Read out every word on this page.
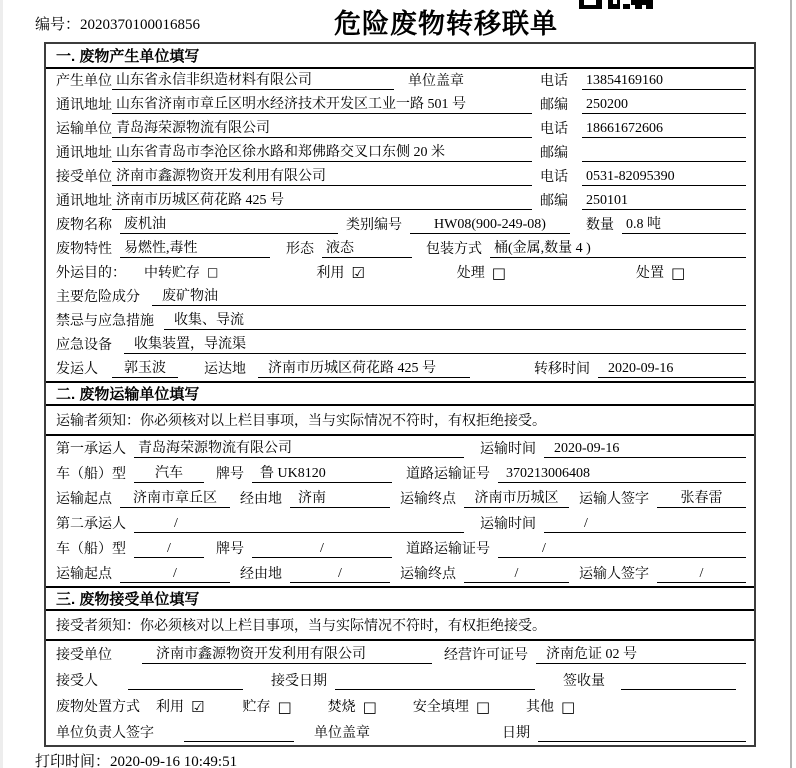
编号：2020370100016856	危险废物转移联单
一. 废物产生单位填写
产生单位 山东省永信非织造材料有限公司	单位盖章	电话	13854169160
通讯地址 山东省济南市章丘区明水经济技术开发区工业一路 501 号	邮编	250200
运输单位 青岛海荣源物流有限公司	电话	18661672606
通讯地址 山东省青岛市李沧区徐水路和郑佛路交叉口东侧 20 米	邮编
接受单位 济南市鑫源物资开发利用有限公司	电话	0531-82095390
通讯地址 济南市历城区荷花路 425 号	邮编	250101
废物名称 废机油	类别编号	HW08(900-249-08)	数量 0.8 吨
废物特性 易燃性,毒性	形态 液态	包装方式 桶(金属,数量 4 )
外运目的： 中转贮存 □	利用 ☑	处理 □	处置 □
主要危险成分	废矿物油
禁忌与应急措施	收集、导流
应急设备	收集装置，导流渠
发运人	郭玉波	运达地	济南市历城区荷花路 425 号	转移时间	2020-09-16
二. 废物运输单位填写
运输者须知：你必须核对以上栏目事项，当与实际情况不符时，有权拒绝接受。
第一承运人 青岛海荣源物流有限公司	运输时间	2020-09-16
车（船）型	汽车	牌号	鲁 UK8120	道路运输证号	370213006408
运输起点	济南市章丘区	经由地	济南	运输终点	济南市历城区	运输人签字	张春雷
第二承运人	/	运输时间	/
车（船）型	/	牌号	/	道路运输证号	/
运输起点	/	经由地	/	运输终点	/	运输人签字	/
三. 废物接受单位填写
接受者须知：你必须核对以上栏目事项，当与实际情况不符时，有权拒绝接受。
接受单位	济南市鑫源物资开发利用有限公司	经营许可证号	济南危证 02 号
接受人	接受日期	签收量
废物处置方式 利用 ☑	贮存 □	焚烧 □	安全填埋 □	其他 □
单位负责人签字	单位盖章	日期
打印时间：2020-09-16 10:49:51
